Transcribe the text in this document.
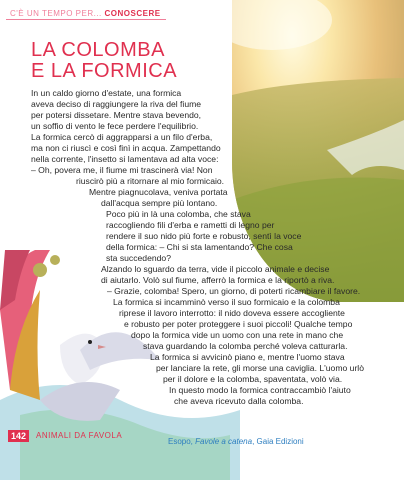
C'È UN TEMPO PER... CONOSCERE
LA COLOMBA
E LA FORMICA

In un caldo giorno d'estate, una formica

aveva deciso di raggiungere la riva del fiume

per potersi dissetare. Mentre stava bevendo,

un soffio di vento le fece perdere l'equilibrio.

La formica cercò di aggrapparsi a un filo d'erba,

ma non ci riuscì e così finì in acqua. Zampettando

nella corrente, l'insetto si lamentava ad alta voce:

– Oh, povera me, il fiume mi trascinerà via! Non

riuscirò più a ritornare al mio formicaio.

Mentre piagnucolava, veniva portata

dall'acqua sempre più lontano.

Poco più in là una colomba, che stava

raccogliendo fili d'erba e rametti di legno per

rendere il suo nido più forte e robusto, sentì la voce

della formica: – Chi si sta lamentando? Che cosa

sta succedendo?

Alzando lo sguardo da terra, vide il piccolo animale e decise

di aiutarlo. Volò sul fiume, afferrò la formica e la riportò a riva.

– Grazie, colomba! Spero, un giorno, di poterti ricambiare il favore.

La formica si incamminò verso il suo formicaio e la colomba

riprese il lavoro interrotto: il nido doveva essere accogliente

e robusto per poter proteggere i suoi piccoli! Qualche tempo

dopo la formica vide un uomo con una rete in mano che

stava guardando la colomba perché voleva catturarla.

La formica si avvicinò piano e, mentre l'uomo stava

per lanciare la rete, gli morse una caviglia. L'uomo urlò

per il dolore e la colomba, spaventata, volò via.

In questo modo la formica contraccambiò l'aiuto

che aveva ricevuto dalla colomba.

Esopo, Favole a catena, Gaia Edizioni
142	ANIMALI DA FAVOLA
